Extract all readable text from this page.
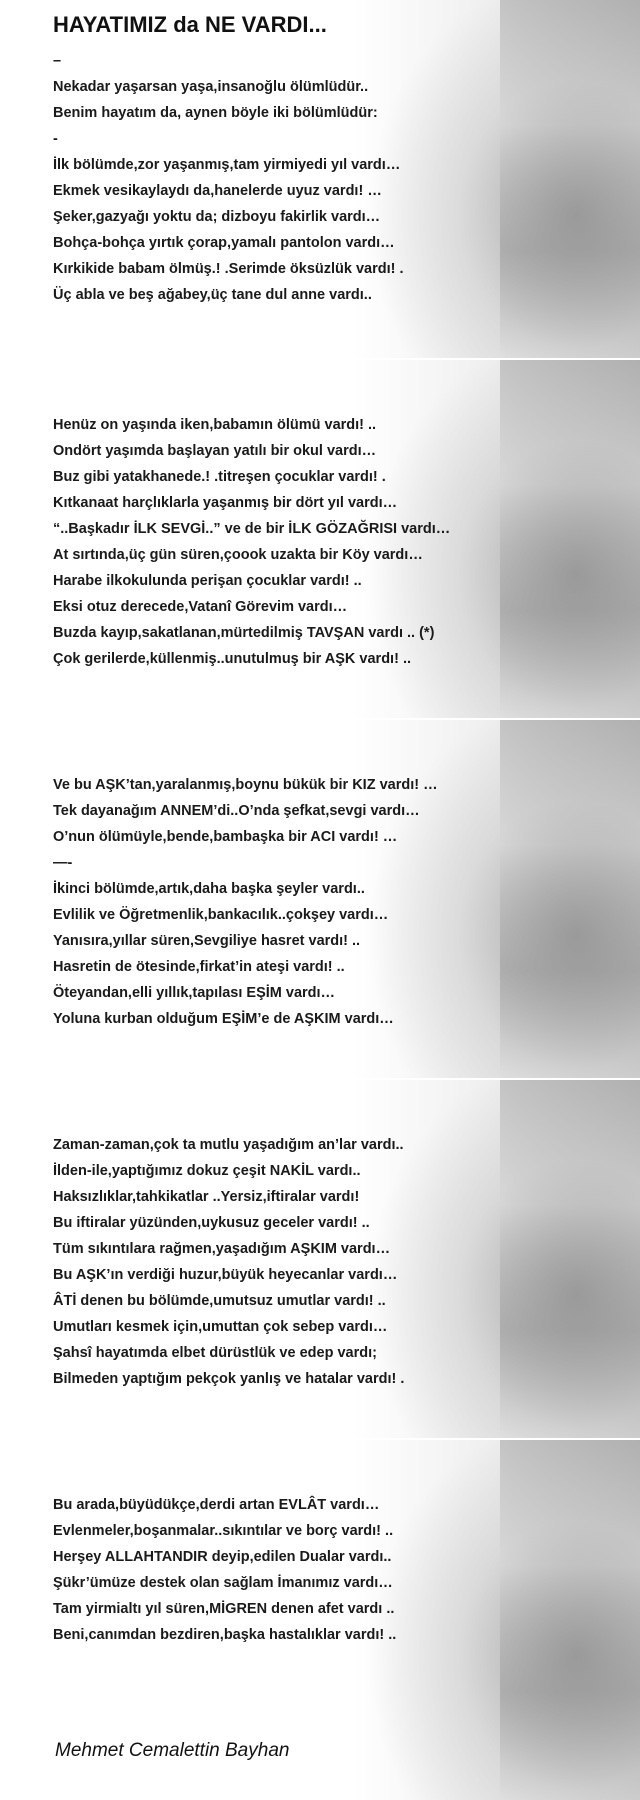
HAYATIMIZ da NE VARDI...
–
Nekadar yaşarsan yaşa,insanoğlu ölümlüdür..
Benim hayatım da, aynen böyle iki bölümlüdür:
-
İlk bölümde,zor yaşanmış,tam yirmiyedi yıl vardı…
Ekmek vesikaylaydı da,hanelerde uyuz vardı! …
Şeker,gazyağı yoktu da; dizboyu fakirlik vardı…
Bohça-bohça yırtık çorap,yamalı pantolon vardı…
Kırkikide babam ölmüş.! .Serimde öksüzlük vardı! .
Üç abla ve beş ağabey,üç tane dul anne vardı..
Henüz on yaşında iken,babamın ölümü vardı! ..
Ondört yaşımda başlayan yatılı bir okul vardı…
Buz gibi yatakhanede.! .titreşen çocuklar vardı! .
Kıtkanaat harçlıklarla yaşanmış bir dört yıl vardı…
“..Başkadır İLK SEVGİ..” ve de bir İLK GÖZAĞRISI vardı…
At sırtında,üç gün süren,çoook uzakta bir Köy vardı…
Harabe ilkokulunda perişan çocuklar vardı! ..
Eksi otuz derecede,Vatanî Görevim vardı…
Buzda kayıp,sakatlanan,mürtedilmiş TAVŞAN vardı .. (*)
Çok gerilerde,küllenmiş..unutulmuş bir AŞK vardı! ..
Ve bu AŞK’tan,yaralanmış,boynu bükük bir KIZ vardı! …
Tek dayanağım ANNEM’di..O’nda şefkat,sevgi vardı…
O’nun ölümüyle,bende,bambaşka bir ACI vardı! …
—-
İkinci bölümde,artık,daha başka şeyler vardı..
Evlilik ve Öğretmenlik,bankacılık..çokşey vardı…
Yanısıra,yıllar süren,Sevgiliye hasret vardı! ..
Hasretin de ötesinde,firkat’in ateşi vardı! ..
Öteyandan,elli yıllık,tapılası EŞİM vardı…
Yoluna kurban olduğum EŞİM’e de AŞKIM vardı…
Zaman-zaman,çok ta mutlu yaşadığım an’lar vardı..
İlden-ile,yaptığımız dokuz çeşit NAKİL vardı..
Haksızlıklar,tahkikatlar ..Yersiz,iftiralar vardı!
Bu iftiralar yüzünden,uykusuz geceler vardı! ..
Tüm sıkıntılara rağmen,yaşadığım AŞKIM vardı…
Bu AŞK’ın verdiği huzur,büyük heyecanlar vardı…
ÂTİ denen bu bölümde,umutsuz umutlar vardı! ..
Umutları kesmek için,umuttan çok sebep vardı…
Şahsî hayatımda elbet dürüstlük ve edep vardı;
Bilmeden yaptığım pekçok yanlış ve hatalar vardı! .
Bu arada,büyüdükçe,derdi artan EVLÂT vardı…
Evlenmeler,boşanmalar..sıkıntılar ve borç vardı! ..
Herşey ALLAHTANDIR deyip,edilen Dualar vardı..
Şükr’ümüze destek olan sağlam İmanımız vardı…
Tam yirmialtı yıl süren,MİGREN denen afet vardı ..
Beni,canımdan bezdiren,başka hastalıklar vardı! ..

Mehmet Cemalettin Bayhan
